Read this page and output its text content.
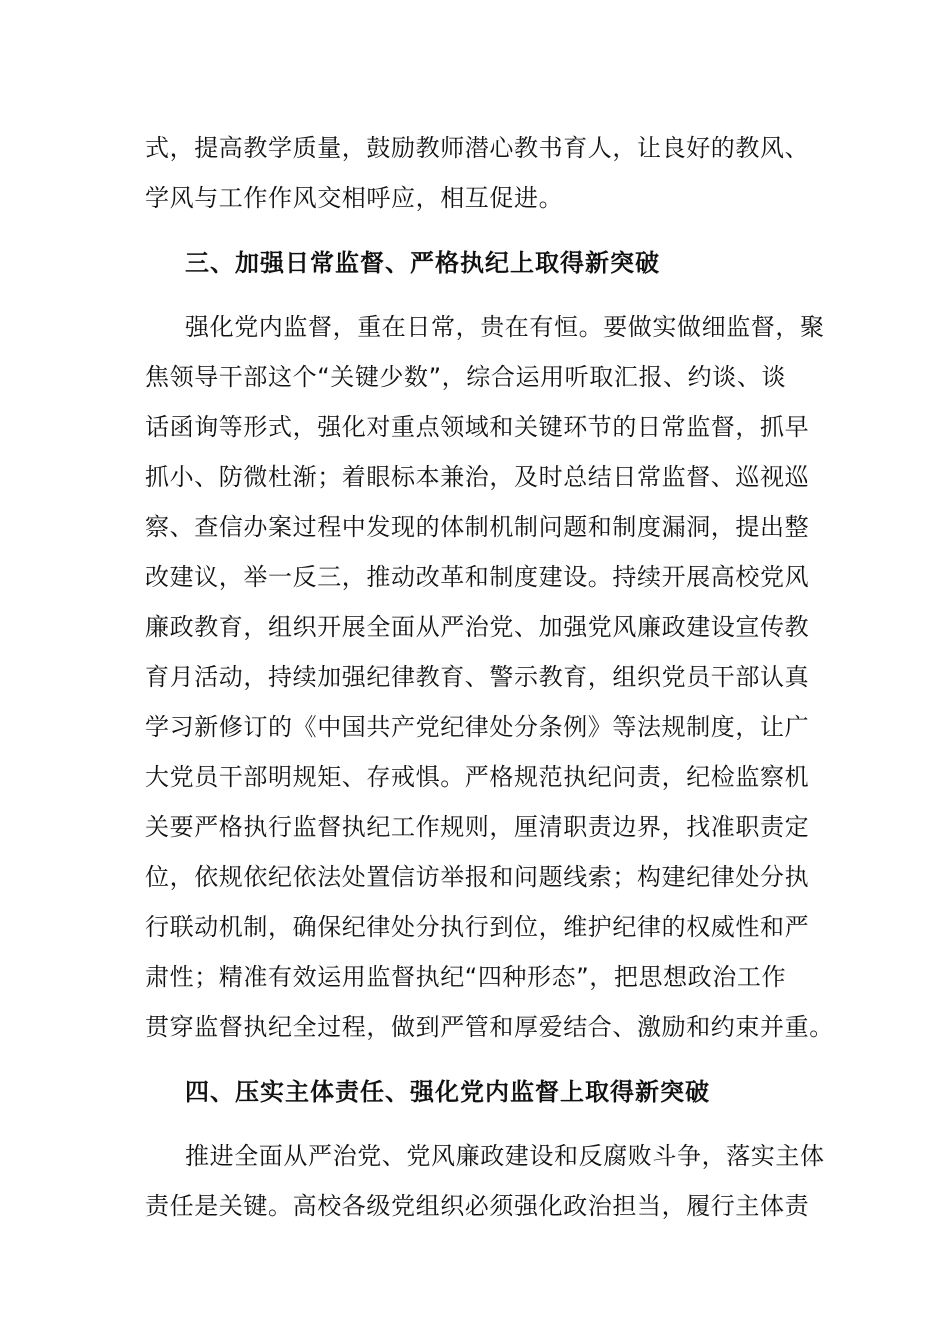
式，提高教学质量，鼓励教师潜心教书育人，让良好的教风、
学风与工作作风交相呼应，相互促进。
三、加强日常监督、严格执纪上取得新突破
强化党内监督，重在日常，贵在有恒。要做实做细监督，聚
焦领导干部这个“关键少数”，综合运用听取汇报、约谈、谈
话函询等形式，强化对重点领域和关键环节的日常监督，抓早
抓小、防微杜渐；着眼标本兼治，及时总结日常监督、巡视巡
察、查信办案过程中发现的体制机制问题和制度漏洞，提出整
改建议，举一反三，推动改革和制度建设。持续开展高校党风
廉政教育，组织开展全面从严治党、加强党风廉政建设宣传教
育月活动，持续加强纪律教育、警示教育，组织党员干部认真
学习新修订的《中国共产党纪律处分条例》等法规制度，让广
大党员干部明规矩、存戒惧。严格规范执纪问责，纪检监察机
关要严格执行监督执纪工作规则，厘清职责边界，找准职责定
位，依规依纪依法处置信访举报和问题线索；构建纪律处分执
行联动机制，确保纪律处分执行到位，维护纪律的权威性和严
肃性；精准有效运用监督执纪“四种形态”，把思想政治工作
贯穿监督执纪全过程，做到严管和厚爱结合、激励和约束并重。
四、压实主体责任、强化党内监督上取得新突破
推进全面从严治党、党风廉政建设和反腐败斗争，落实主体
责任是关键。高校各级党组织必须强化政治担当，履行主体责
